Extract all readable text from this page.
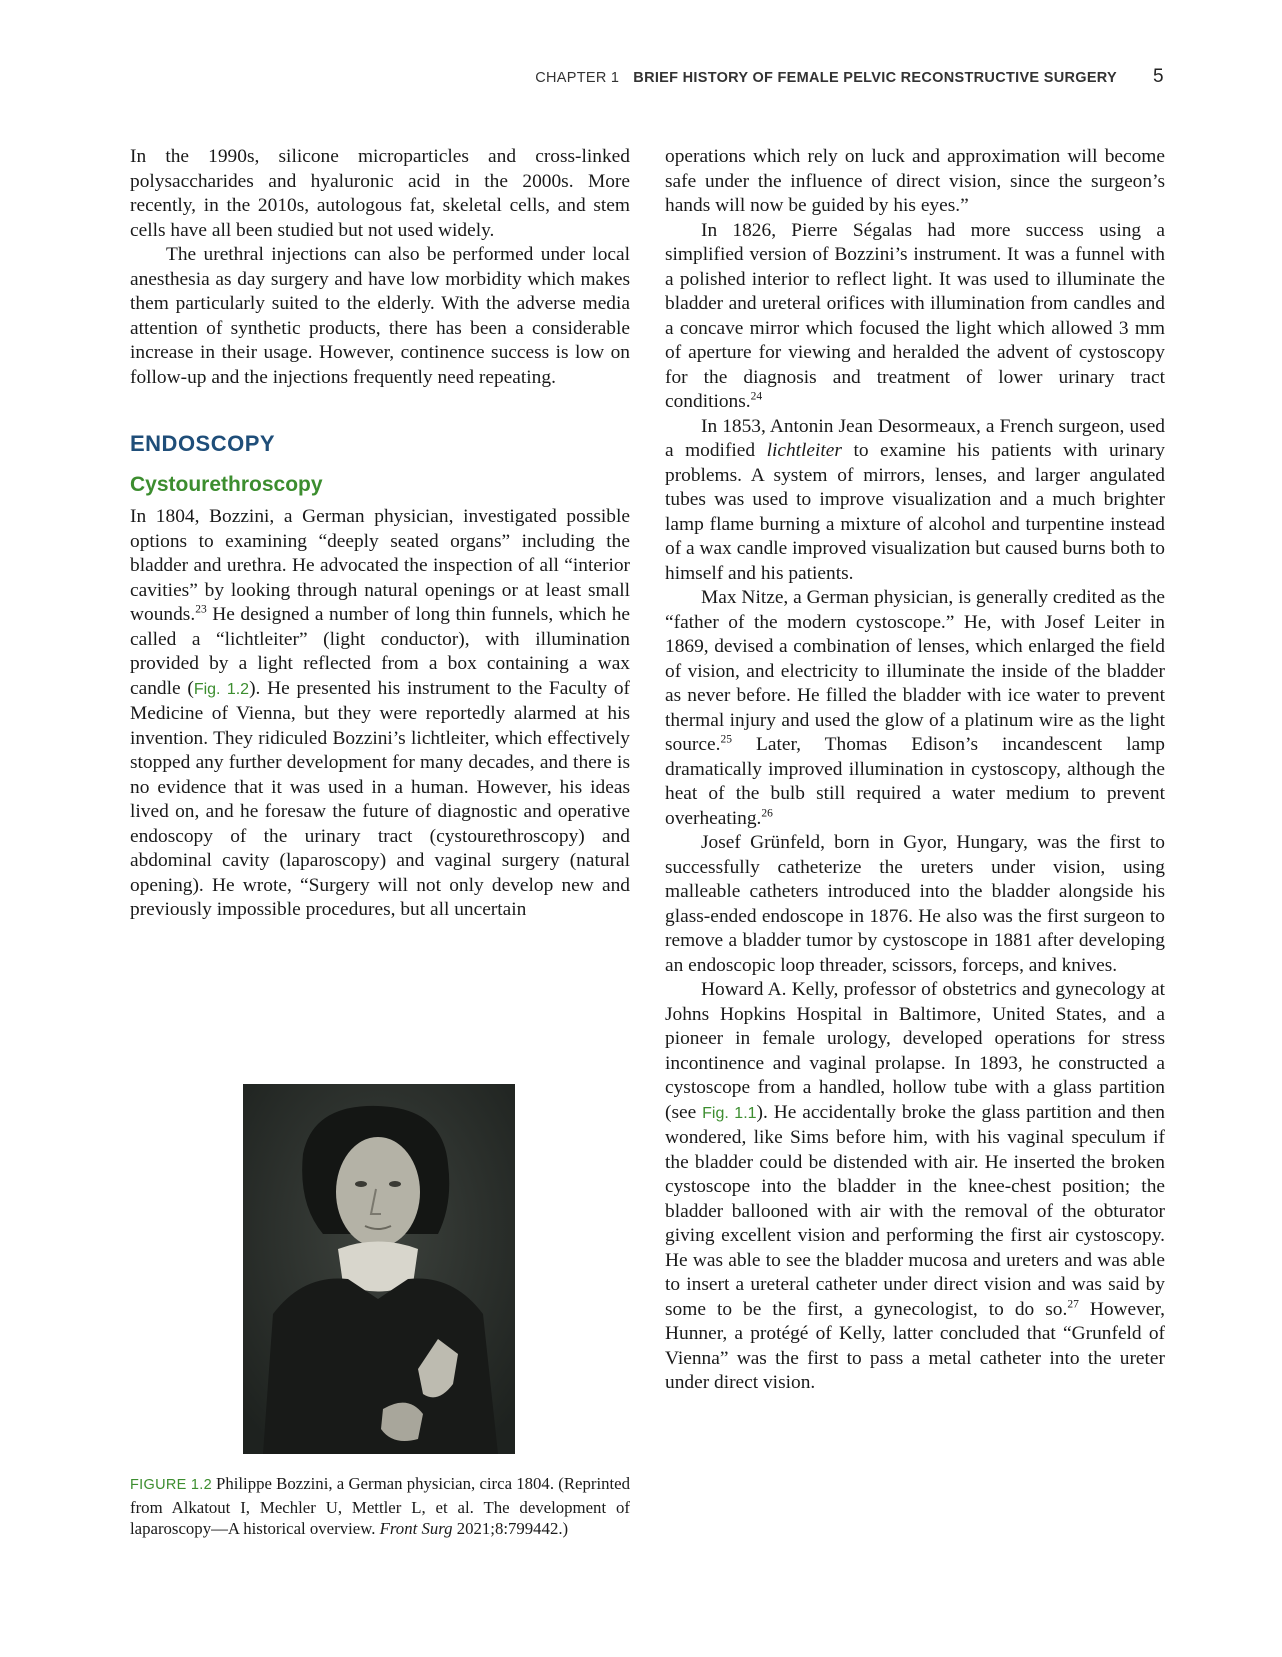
CHAPTER 1 BRIEF HISTORY OF FEMALE PELVIC RECONSTRUCTIVE SURGERY 5

In the 1990s, silicone microparticles and cross-linked polysaccharides and hyaluronic acid in the 2000s. More recently, in the 2010s, autologous fat, skeletal cells, and stem cells have all been studied but not used widely.

The urethral injections can also be performed under local anesthesia as day surgery and have low morbidity which makes them particularly suited to the elderly. With the adverse media attention of synthetic products, there has been a considerable increase in their usage. However, continence success is low on follow-up and the injections frequently need repeating.

ENDOSCOPY
Cystourethroscopy

In 1804, Bozzini, a German physician, investigated possible options to examining “deeply seated organs” including the bladder and urethra. He advocated the inspection of all “interior cavities” by looking through natural openings or at least small wounds.$^{23}$ He designed a number of long thin funnels, which he called a “lichtleiter” (light conductor), with illumination provided by a light reflected from a box containing a wax candle (Fig. 1.2). He presented his instrument to the Faculty of Medicine of Vienna, but they were reportedly alarmed at his invention. They ridiculed Bozzini’s lichtleiter, which effectively stopped any further development for many decades, and there is no evidence that it was used in a human. However, his ideas lived on, and he foresaw the future of diagnostic and operative endoscopy of the urinary tract (cystourethroscopy) and abdominal cavity (laparoscopy) and vaginal surgery (natural opening). He wrote, “Surgery will not only develop new and previously impossible procedures, but all uncertain

FIGURE 1.2 Philippe Bozzini, a German physician, circa 1804. (Reprinted from Alkatout I, Mechler U, Mettler L, et al. The development of laparoscopy—A historical overview. Front Surg 2021;8:799442.)

operations which rely on luck and approximation will become safe under the influence of direct vision, since the surgeon’s hands will now be guided by his eyes.”

In 1826, Pierre Ségalas had more success using a simplified version of Bozzini’s instrument. It was a funnel with a polished interior to reflect light. It was used to illuminate the bladder and ureteral orifices with illumination from candles and a concave mirror which focused the light which allowed 3 mm of aperture for viewing and heralded the advent of cystoscopy for the diagnosis and treatment of lower urinary tract conditions.$^{24}$

In 1853, Antonin Jean Desormeaux, a French surgeon, used a modified lichtleiter to examine his patients with urinary problems. A system of mirrors, lenses, and larger angulated tubes was used to improve visualization and a much brighter lamp flame burning a mixture of alcohol and turpentine instead of a wax candle improved visualization but caused burns both to himself and his patients.

Max Nitze, a German physician, is generally credited as the “father of the modern cystoscope.” He, with Josef Leiter in 1869, devised a combination of lenses, which enlarged the field of vision, and electricity to illuminate the inside of the bladder as never before. He filled the bladder with ice water to prevent thermal injury and used the glow of a platinum wire as the light source.$^{25}$ Later, Thomas Edison’s incandescent lamp dramatically improved illumination in cystoscopy, although the heat of the bulb still required a water medium to prevent overheating.$^{26}$

Josef Grünfeld, born in Gyor, Hungary, was the first to successfully catheterize the ureters under vision, using malleable catheters introduced into the bladder alongside his glass-ended endoscope in 1876. He also was the first surgeon to remove a bladder tumor by cystoscope in 1881 after developing an endoscopic loop threader, scissors, forceps, and knives.

Howard A. Kelly, professor of obstetrics and gynecology at Johns Hopkins Hospital in Baltimore, United States, and a pioneer in female urology, developed operations for stress incontinence and vaginal prolapse. In 1893, he constructed a cystoscope from a handled, hollow tube with a glass partition (see Fig. 1.1). He accidentally broke the glass partition and then wondered, like Sims before him, with his vaginal speculum if the bladder could be distended with air. He inserted the broken cystoscope into the bladder in the knee-chest position; the bladder ballooned with air with the removal of the obturator giving excellent vision and performing the first air cystoscopy. He was able to see the bladder mucosa and ureters and was able to insert a ureteral catheter under direct vision and was said by some to be the first, a gynecologist, to do so.$^{27}$ However, Hunner, a protégé of Kelly, latter concluded that “Grunfeld of Vienna” was the first to pass a metal catheter into the ureter under direct vision.
